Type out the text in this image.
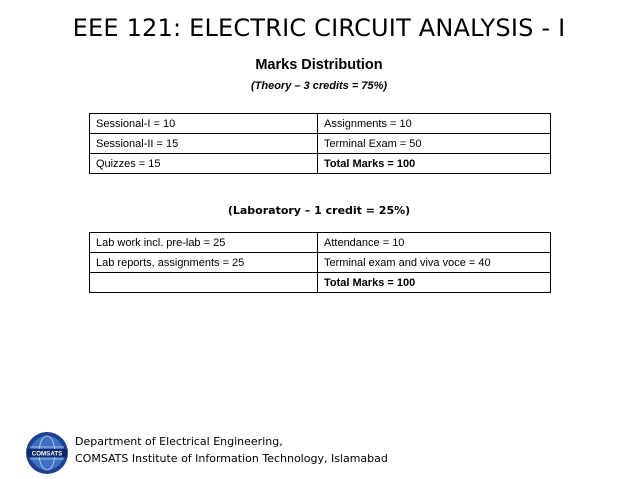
EEE 121: ELECTRIC CIRCUIT ANALYSIS - I
Marks Distribution
(Theory – 3 credits = 75%)
Sessional-I = 10	Assignments = 10
Sessional-II = 15	Terminal Exam = 50
Quizzes = 15	Total Marks = 100
(Laboratory – 1 credit = 25%)
Lab work incl. pre-lab = 25	Attendance = 10
Lab reports, assignments = 25	Terminal exam and viva voce = 40
	Total Marks = 100
COMSATS
Department of Electrical Engineering,
COMSATS Institute of Information Technology, Islamabad
